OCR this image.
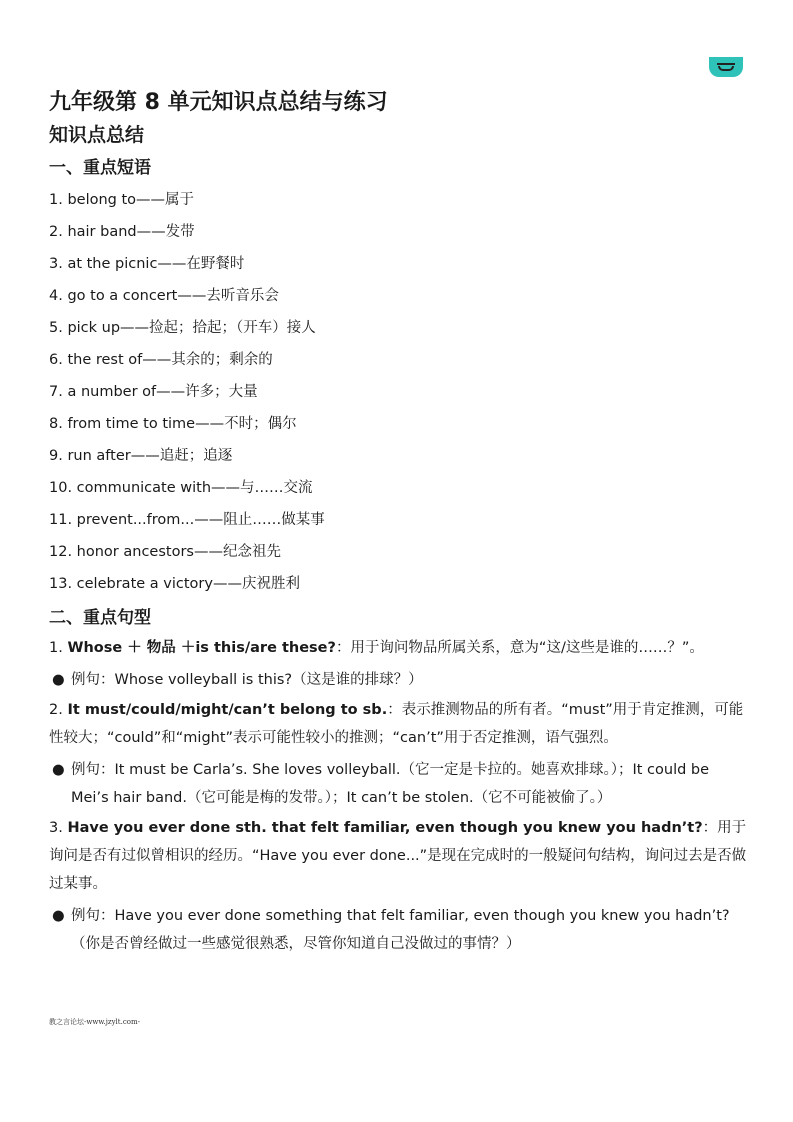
九年级第 8 单元知识点总结与练习
知识点总结
一、重点短语
1. belong to——属于
2. hair band——发带
3. at the picnic——在野餐时
4. go to a concert——去听音乐会
5. pick up——捡起；拾起；（开车）接人
6. the rest of——其余的；剩余的
7. a number of——许多；大量
8. from time to time——不时；偶尔
9. run after——追赶；追逐
10. communicate with——与……交流
11. prevent...from...——阻止……做某事
12. honor ancestors——纪念祖先
13. celebrate a victory——庆祝胜利
二、重点句型
1. Whose ＋ 物品 ＋is this/are these?：用于询问物品所属关系，意为“这/这些是谁的……？”。
● 例句：Whose volleyball is this?（这是谁的排球？）
2. It must/could/might/can’t belong to sb.：表示推测物品的所有者。“must”用于肯定推测，可能性较大；“could”和“might”表示可能性较小的推测；“can’t”用于否定推测，语气强烈。
● 例句：It must be Carla’s. She loves volleyball.（它一定是卡拉的。她喜欢排球。）；It could be Mei’s hair band.（它可能是梅的发带。）；It can’t be stolen.（它不可能被偷了。）
3. Have you ever done sth. that felt familiar, even though you knew you hadn’t?：用于询问是否有过似曾相识的经历。“Have you ever done...”是现在完成时的一般疑问句结构，询问过去是否做过某事。
● 例句：Have you ever done something that felt familiar, even though you knew you hadn’t?（你是否曾经做过一些感觉很熟悉，尽管你知道自己没做过的事情？）
教之言论坛-www.jzylt.com-
